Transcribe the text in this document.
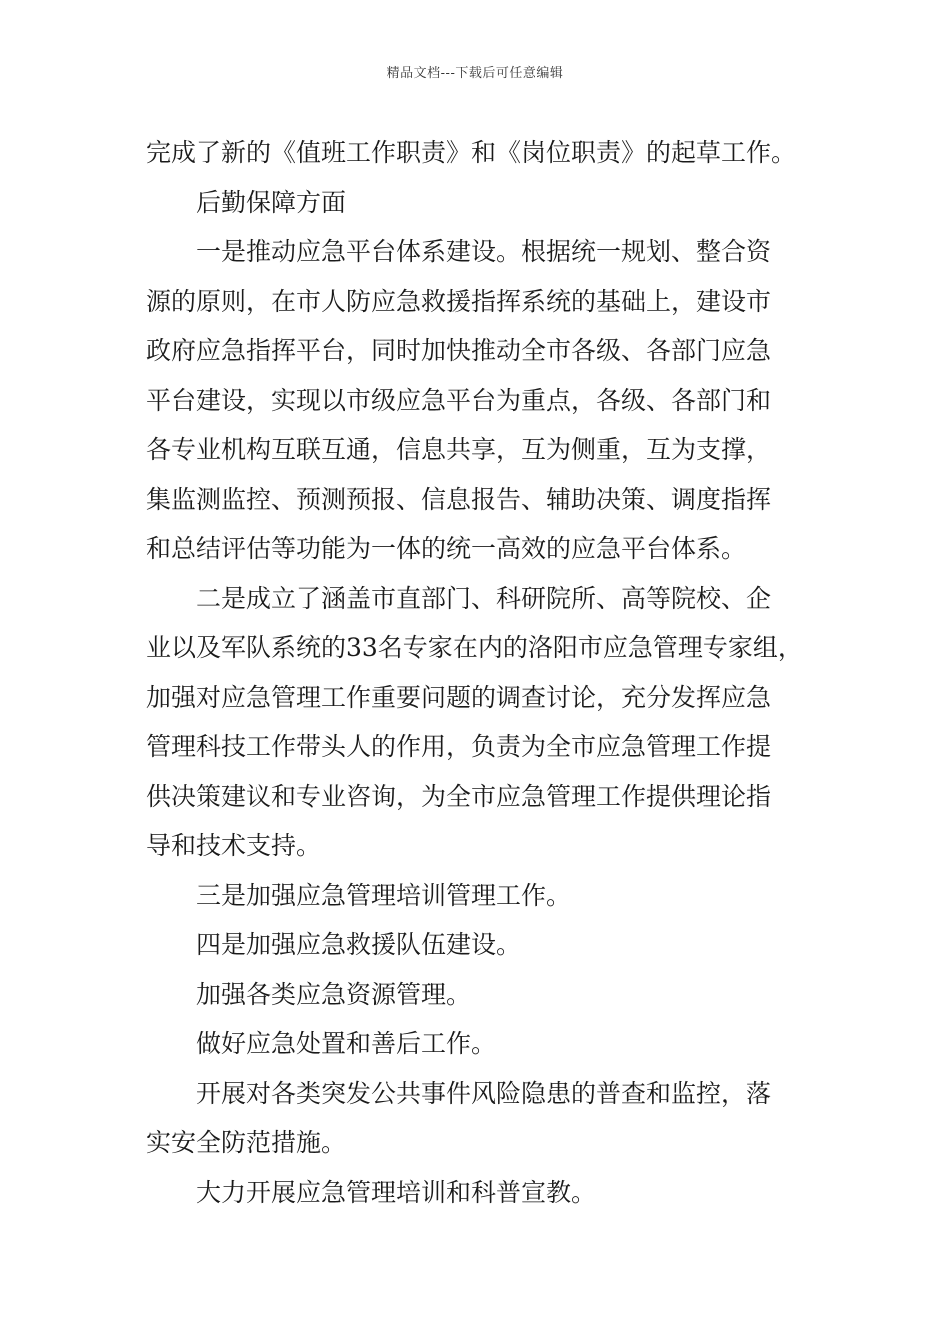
精品文档---下载后可任意编辑
完成了新的《值班工作职责》和《岗位职责》的起草工作。
后勤保障方面
一是推动应急平台体系建设。根据统一规划、整合资
源的原则，在市人防应急救援指挥系统的基础上，建设市
政府应急指挥平台，同时加快推动全市各级、各部门应急
平台建设，实现以市级应急平台为重点，各级、各部门和
各专业机构互联互通，信息共享，互为侧重，互为支撑，
集监测监控、预测预报、信息报告、辅助决策、调度指挥
和总结评估等功能为一体的统一高效的应急平台体系。
二是成立了涵盖市直部门、科研院所、高等院校、企
业以及军队系统的33名专家在内的洛阳市应急管理专家组，
加强对应急管理工作重要问题的调查讨论，充分发挥应急
管理科技工作带头人的作用，负责为全市应急管理工作提
供决策建议和专业咨询，为全市应急管理工作提供理论指
导和技术支持。
三是加强应急管理培训管理工作。
四是加强应急救援队伍建设。
加强各类应急资源管理。
做好应急处置和善后工作。
开展对各类突发公共事件风险隐患的普查和监控，落
实安全防范措施。
大力开展应急管理培训和科普宣教。
